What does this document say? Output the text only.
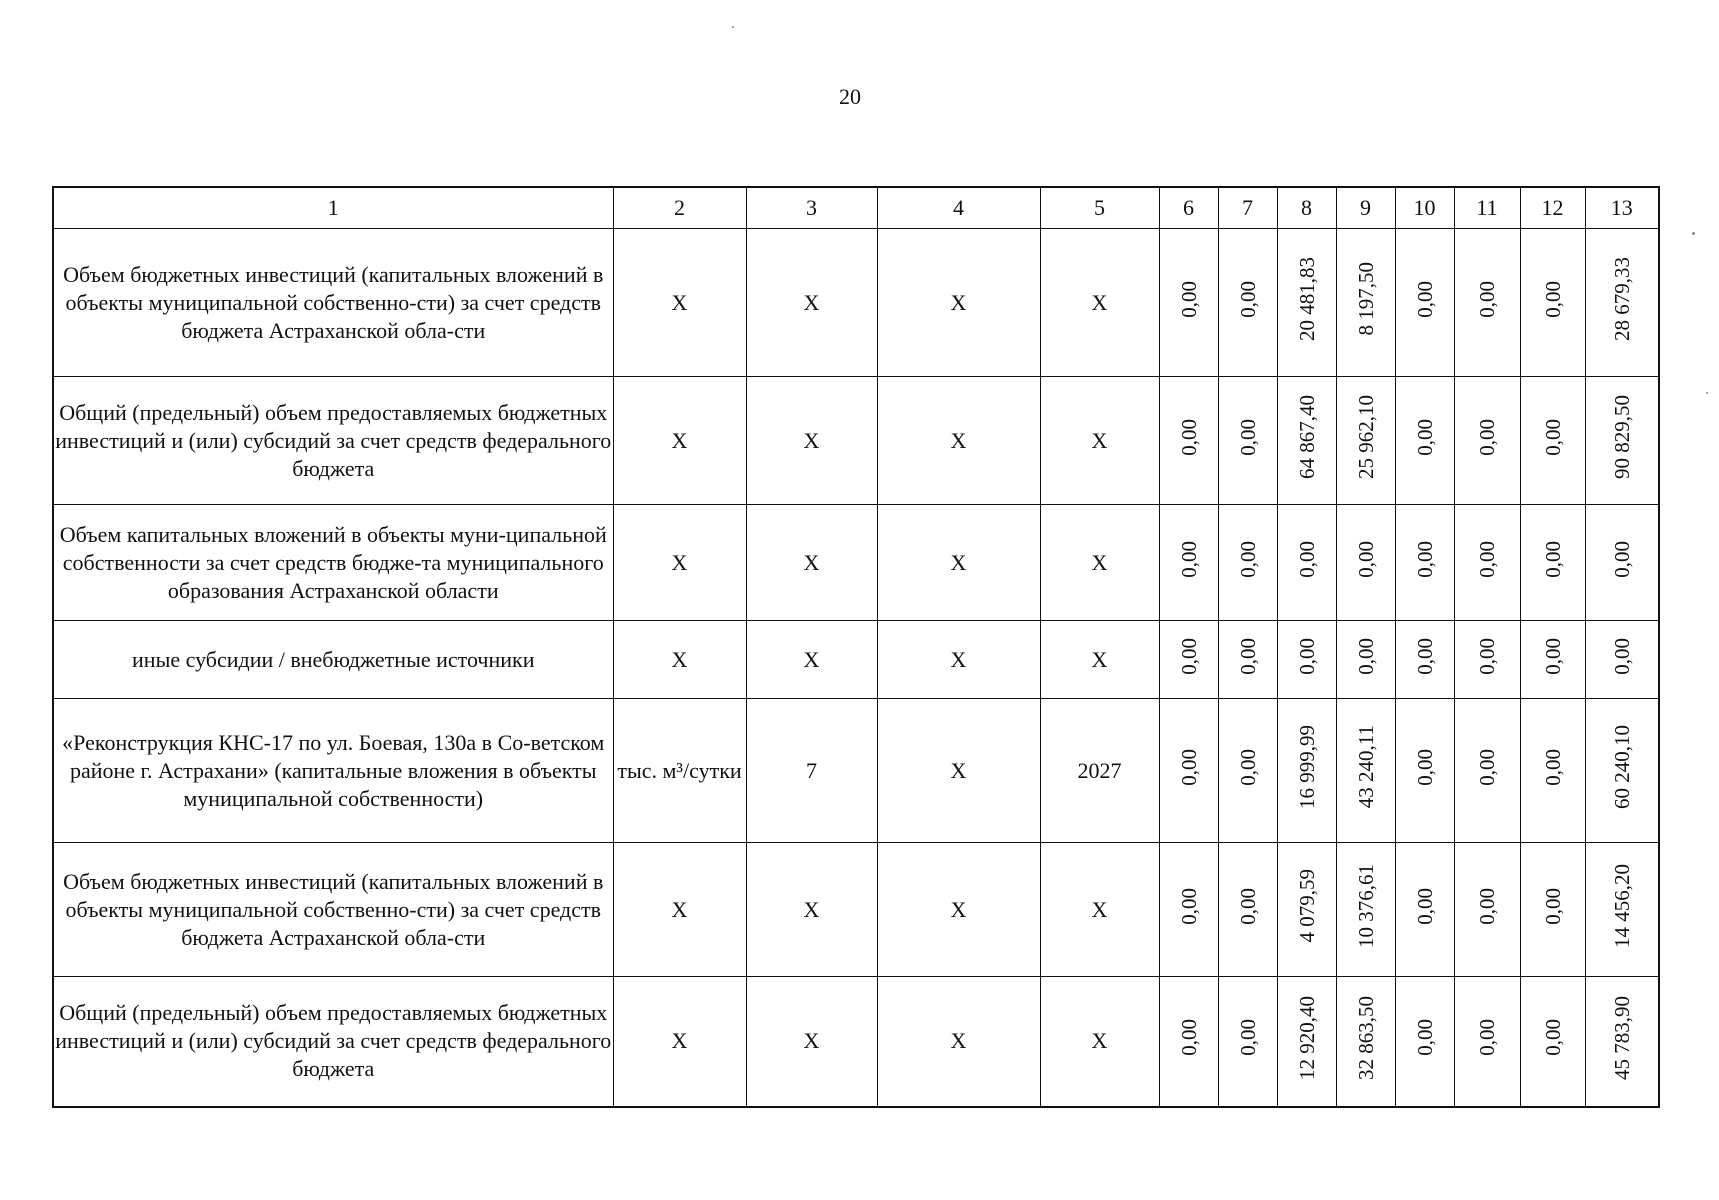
20
1	2	3	4	5	6	7	8	9	10	11	12	13
Объем бюджетных инвестиций (капитальных вложений в объекты муниципальной собственно-сти) за счет средств бюджета Астраханской обла-сти	X	X	X	X	0,00	0,00	20 481,83	8 197,50	0,00	0,00	0,00	28 679,33
Общий (предельный) объем предоставляемых бюджетных инвестиций и (или) субсидий за счет средств федерального бюджета	X	X	X	X	0,00	0,00	64 867,40	25 962,10	0,00	0,00	0,00	90 829,50
Объем капитальных вложений в объекты муни-ципальной собственности за счет средств бюдже-та муниципального образования Астраханской области	X	X	X	X	0,00	0,00	0,00	0,00	0,00	0,00	0,00	0,00
иные субсидии / внебюджетные источники	X	X	X	X	0,00	0,00	0,00	0,00	0,00	0,00	0,00	0,00
«Реконструкция КНС-17 по ул. Боевая, 130а в Со-ветском районе г. Астрахани» (капитальные вложения в объекты муниципальной собственности)	тыс. м³/сутки	7	X	2027	0,00	0,00	16 999,99	43 240,11	0,00	0,00	0,00	60 240,10
Объем бюджетных инвестиций (капитальных вложений в объекты муниципальной собственно-сти) за счет средств бюджета Астраханской обла-сти	X	X	X	X	0,00	0,00	4 079,59	10 376,61	0,00	0,00	0,00	14 456,20
Общий (предельный) объем предоставляемых бюджетных инвестиций и (или) субсидий за счет средств федерального бюджета	X	X	X	X	0,00	0,00	12 920,40	32 863,50	0,00	0,00	0,00	45 783,90
